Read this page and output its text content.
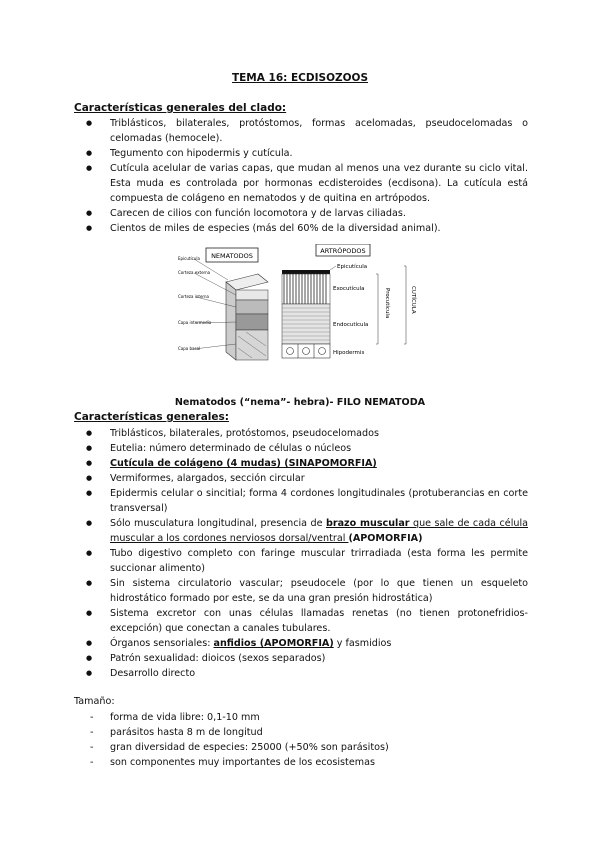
TEMA 16: ECDISOZOOS
Características generales del clado:
● Triblásticos, bilaterales, protóstomos, formas acelomadas, pseudocelomadas o celomadas (hemocele).
● Tegumento con hipodermis y cutícula.
● Cutícula acelular de varias capas, que mudan al menos una vez durante su ciclo vital. Esta muda es controlada por hormonas ecdisteroides (ecdisona). La cutícula está compuesta de colágeno en nematodos y de quitina en artrópodos.
● Carecen de cilios con función locomotora y de larvas ciliadas.
● Cientos de miles de especies (más del 60% de la diversidad animal).
NEMATODOS
Epicutícula
Corteza externa
Corteza interna
Capa intermedia
Capa basal
ARTRÓPODOS
Epicutícula
Exocutícula
Endocutícula
Hipodermis
Procutícula	CUTÍCULA
Nematodos (“nema”- hebra)- FILO NEMATODA
Características generales:
● Triblásticos, bilaterales, protóstomos, pseudocelomados
● Eutelia: número determinado de células o núcleos
● Cutícula de colágeno (4 mudas) (SINAPOMORFIA)
● Vermiformes, alargados, sección circular
● Epidermis celular o sincitial; forma 4 cordones longitudinales (protuberancias en corte transversal)
● Sólo musculatura longitudinal, presencia de brazo muscular que sale de cada célula muscular a los cordones nerviosos dorsal/ventral (APOMORFIA)
● Tubo digestivo completo con faringe muscular trirradiada (esta forma les permite succionar alimento)
● Sin sistema circulatorio vascular; pseudocele (por lo que tienen un esqueleto hidrostático formado por este, se da una gran presión hidrostática)
● Sistema excretor con unas células llamadas renetas (no tienen protonefridios-excepción) que conectan a canales tubulares.
● Órganos sensoriales: anfidios (APOMORFIA) y fasmidios
● Patrón sexualidad: dioicos (sexos separados)
● Desarrollo directo
Tamaño:
- forma de vida libre: 0,1-10 mm
- parásitos hasta 8 m de longitud
- gran diversidad de especies: 25000 (+50% son parásitos)
- son componentes muy importantes de los ecosistemas
